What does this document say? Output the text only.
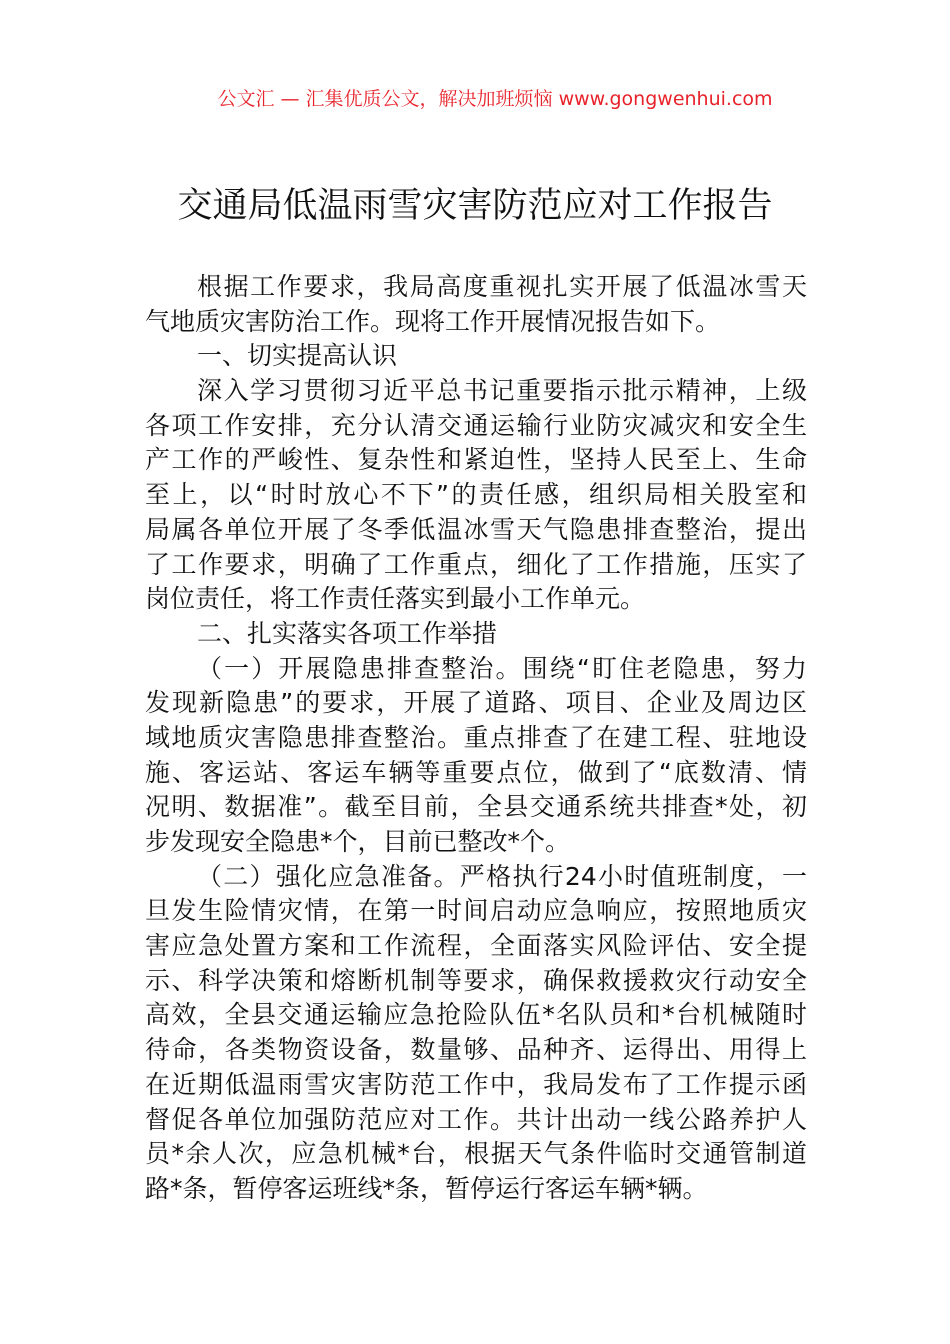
公文汇 — 汇集优质公文，解决加班烦恼 www.gongwenhui.com
交通局低温雨雪灾害防范应对工作报告
根据工作要求，我局高度重视扎实开展了低温冰雪天
气地质灾害防治工作。现将工作开展情况报告如下。
一、切实提高认识
深入学习贯彻习近平总书记重要指示批示精神，上级
各项工作安排，充分认清交通运输行业防灾减灾和安全生
产工作的严峻性、复杂性和紧迫性，坚持人民至上、生命
至上，以“时时放心不下”的责任感，组织局相关股室和
局属各单位开展了冬季低温冰雪天气隐患排查整治，提出
了工作要求，明确了工作重点，细化了工作措施，压实了
岗位责任，将工作责任落实到最小工作单元。
二、扎实落实各项工作举措
（一）开展隐患排查整治。围绕“盯住老隐患，努力
发现新隐患”的要求，开展了道路、项目、企业及周边区
域地质灾害隐患排查整治。重点排查了在建工程、驻地设
施、客运站、客运车辆等重要点位，做到了“底数清、情
况明、数据准”。截至目前，全县交通系统共排查*处，初
步发现安全隐患*个，目前已整改*个。
（二）强化应急准备。严格执行24小时值班制度，一
旦发生险情灾情，在第一时间启动应急响应，按照地质灾
害应急处置方案和工作流程，全面落实风险评估、安全提
示、科学决策和熔断机制等要求，确保救援救灾行动安全
高效，全县交通运输应急抢险队伍*名队员和*台机械随时
待命，各类物资设备，数量够、品种齐、运得出、用得上
在近期低温雨雪灾害防范工作中，我局发布了工作提示函
督促各单位加强防范应对工作。共计出动一线公路养护人
员*余人次，应急机械*台，根据天气条件临时交通管制道
路*条，暂停客运班线*条，暂停运行客运车辆*辆。
